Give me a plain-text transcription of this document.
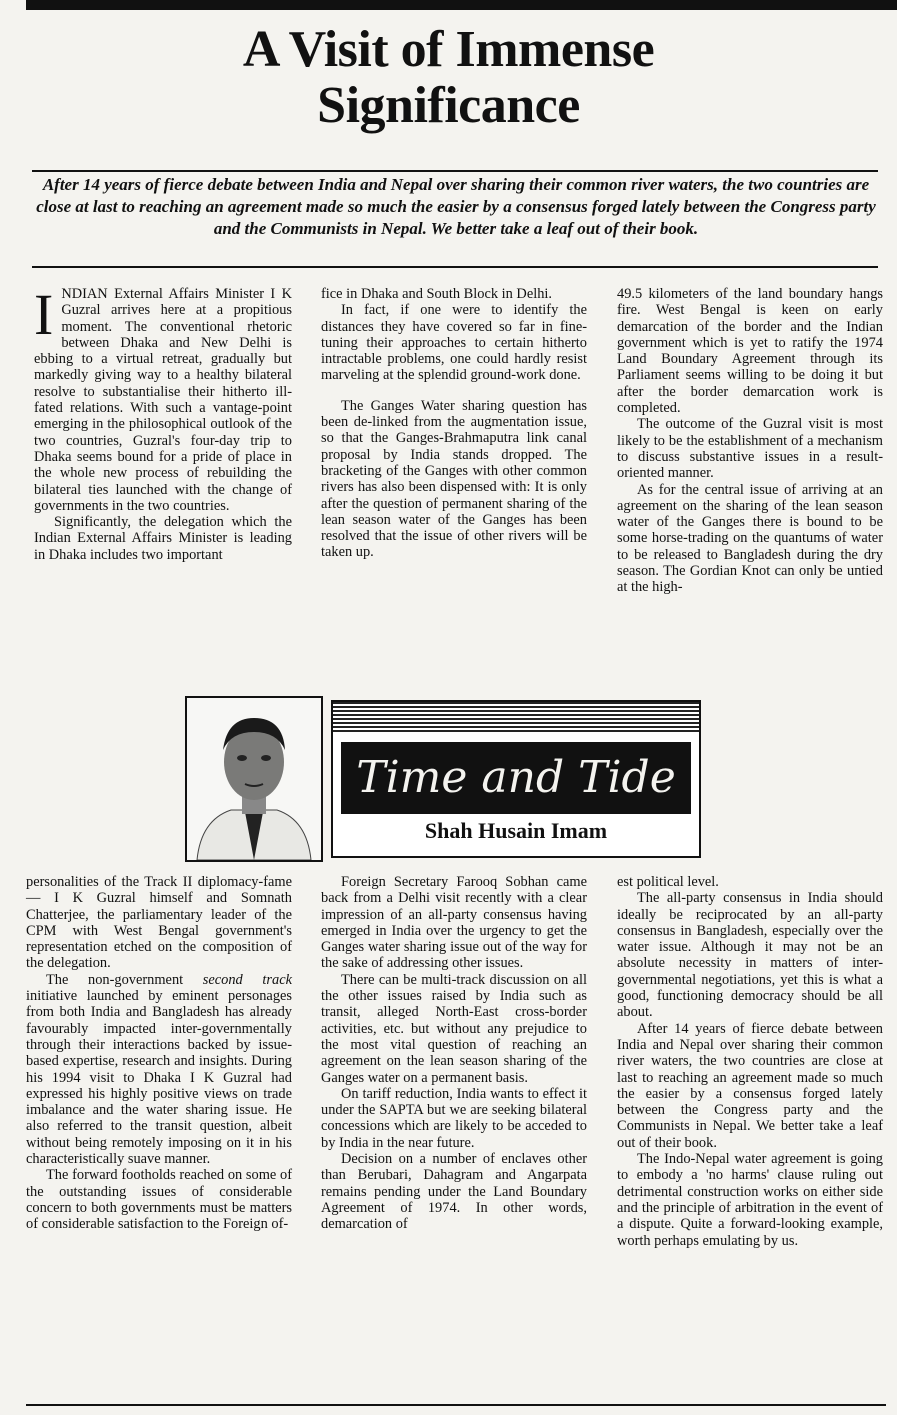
A Visit of Immense
Significance
After 14 years of fierce debate between India and Nepal over sharing their common river waters, the two countries are close at last to reaching an agreement made so much the easier by a consensus forged lately between the Congress party and the Communists in Nepal. We better take a leaf out of their book.

INDIAN External Affairs Minister I K Guzral arrives here at a propitious moment. The conventional rhetoric between Dhaka and New Delhi is ebbing to a virtual retreat, gradually but markedly giving way to a healthy bilateral resolve to substantialise their hitherto ill-fated relations. With such a vantage-point emerging in the philosophical outlook of the two countries, Guzral's four-day trip to Dhaka seems bound for a pride of place in the whole new process of rebuilding the bilateral ties launched with the change of governments in the two countries.

Significantly, the delegation which the Indian External Affairs Minister is leading in Dhaka includes two important

fice in Dhaka and South Block in Delhi.

In fact, if one were to identify the distances they have covered so far in fine-tuning their approaches to certain hitherto intractable problems, one could hardly resist marveling at the splendid ground-work done.

The Ganges Water sharing question has been de-linked from the augmentation issue, so that the Ganges-Brahmaputra link canal proposal by India stands dropped. The bracketing of the Ganges with other common rivers has also been dispensed with: It is only after the question of permanent sharing of the lean season water of the Ganges has been resolved that the issue of other rivers will be taken up.

49.5 kilometers of the land boundary hangs fire. West Bengal is keen on early demarcation of the border and the Indian government which is yet to ratify the 1974 Land Boundary Agreement through its Parliament seems willing to be doing it but after the border demarcation work is completed.

The outcome of the Guzral visit is most likely to be the establishment of a mechanism to discuss substantive issues in a result-oriented manner.

As for the central issue of arriving at an agreement on the sharing of the lean season water of the Ganges there is bound to be some horse-trading on the quantums of water to be released to Bangladesh during the dry season. The Gordian Knot can only be untied at the high-

Time and Tide
Shah Husain Imam

personalities of the Track II diplomacy-fame — I K Guzral himself and Somnath Chatterjee, the parliamentary leader of the CPM with West Bengal government's representation etched on the composition of the delegation.

The non-government second track initiative launched by eminent personages from both India and Bangladesh has already favourably impacted inter-governmentally through their interactions backed by issue-based expertise, research and insights. During his 1994 visit to Dhaka I K Guzral had expressed his highly positive views on trade imbalance and the water sharing issue. He also referred to the transit question, albeit without being remotely imposing on it in his characteristically suave manner.

The forward footholds reached on some of the outstanding issues of considerable concern to both governments must be matters of considerable satisfaction to the Foreign of-

Foreign Secretary Farooq Sobhan came back from a Delhi visit recently with a clear impression of an all-party consensus having emerged in India over the urgency to get the Ganges water sharing issue out of the way for the sake of addressing other issues.

There can be multi-track discussion on all the other issues raised by India such as transit, alleged North-East cross-border activities, etc. but without any prejudice to the most vital question of reaching an agreement on the lean season sharing of the Ganges water on a permanent basis.

On tariff reduction, India wants to effect it under the SAPTA but we are seeking bilateral concessions which are likely to be acceded to by India in the near future.

Decision on a number of enclaves other than Berubari, Dahagram and Angarpata remains pending under the Land Boundary Agreement of 1974. In other words, demarcation of

est political level.

The all-party consensus in India should ideally be reciprocated by an all-party consensus in Bangladesh, especially over the water issue. Although it may not be an absolute necessity in matters of inter-governmental negotiations, yet this is what a good, functioning democracy should be all about.

After 14 years of fierce debate between India and Nepal over sharing their common river waters, the two countries are close at last to reaching an agreement made so much the easier by a consensus forged lately between the Congress party and the Communists in Nepal. We better take a leaf out of their book.

The Indo-Nepal water agreement is going to embody a 'no harms' clause ruling out detrimental construction works on either side and the principle of arbitration in the event of a dispute. Quite a forward-looking example, worth perhaps emulating by us.
